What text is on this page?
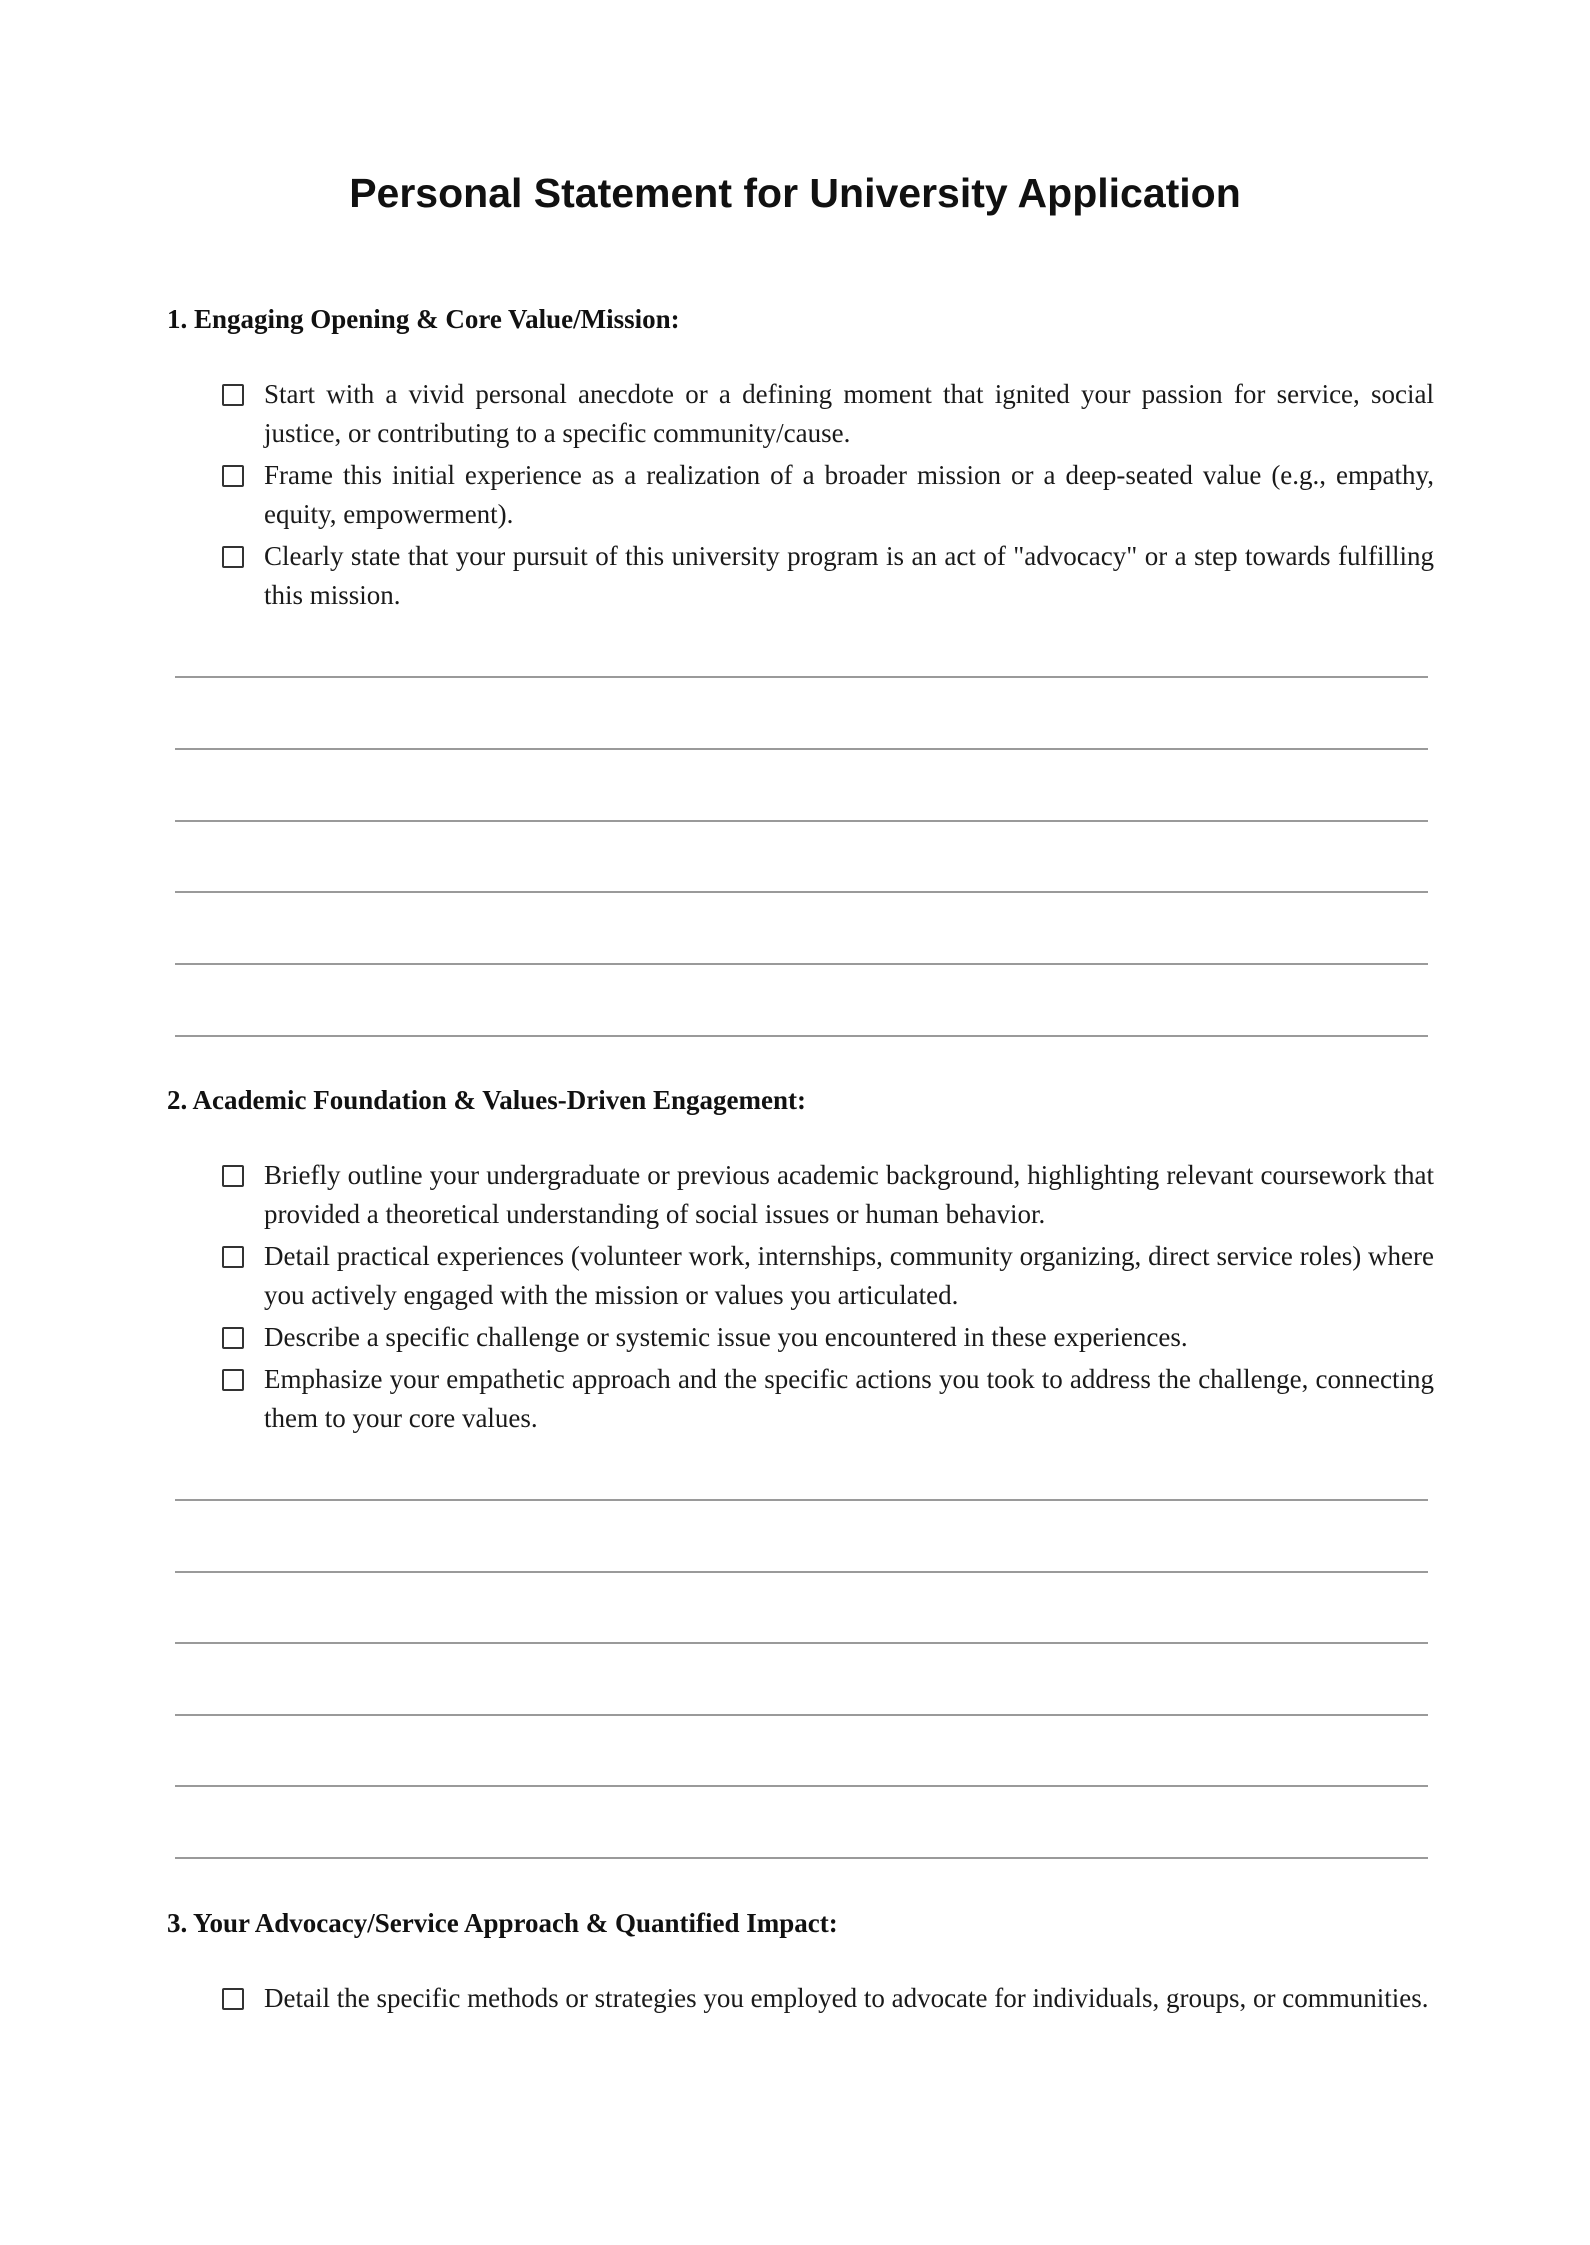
Personal Statement for University Application
1. Engaging Opening & Core Value/Mission:
Start with a vivid personal anecdote or a defining moment that ignited your passion for service, social justice, or contributing to a specific community/cause.
Frame this initial experience as a realization of a broader mission or a deep-seated value (e.g., empathy, equity, empowerment).
Clearly state that your pursuit of this university program is an act of "advocacy" or a step towards fulfilling this mission.
2. Academic Foundation & Values-Driven Engagement:
Briefly outline your undergraduate or previous academic background, highlighting relevant coursework that provided a theoretical understanding of social issues or human behavior.
Detail practical experiences (volunteer work, internships, community organizing, direct service roles) where you actively engaged with the mission or values you articulated.
Describe a specific challenge or systemic issue you encountered in these experiences.
Emphasize your empathetic approach and the specific actions you took to address the challenge, connecting them to your core values.
3. Your Advocacy/Service Approach & Quantified Impact:
Detail the specific methods or strategies you employed to advocate for individuals, groups, or communities.
